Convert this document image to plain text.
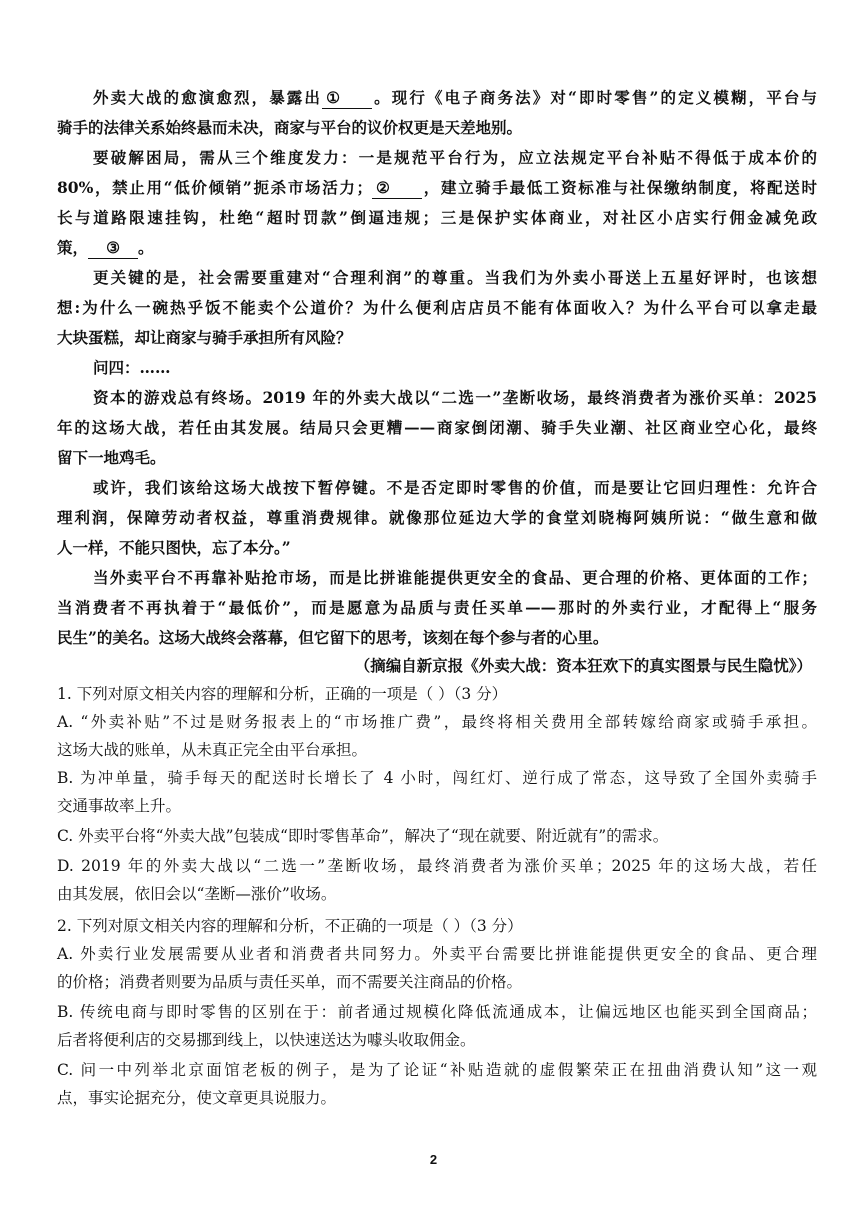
外卖大战的愈演愈烈，暴露出 ① 。现行《电子商务法》对“即时零售”的定义模糊，平台与
骑手的法律关系始终悬而未决，商家与平台的议价权更是天差地别。
要破解困局，需从三个维度发力：一是规范平台行为，应立法规定平台补贴不得低于成本价的
80%，禁止用“低价倾销”扼杀市场活力； ② ，建立骑手最低工资标准与社保缴纳制度，将配送时
长与道路限速挂钩，杜绝“超时罚款”倒逼违规；三是保护实体商业，对社区小店实行佣金减免政
策， ③ 。
更关键的是，社会需要重建对“合理利润”的尊重。当我们为外卖小哥送上五星好评时，也该想
想:为什么一碗热乎饭不能卖个公道价？为什么便利店店员不能有体面收入？为什么平台可以拿走最
大块蛋糕，却让商家与骑手承担所有风险？
问四：……
资本的游戏总有终场。2019 年的外卖大战以“二选一”垄断收场，最终消费者为涨价买单：2025
年的这场大战，若任由其发展。结局只会更糟——商家倒闭潮、骑手失业潮、社区商业空心化，最终
留下一地鸡毛。
或许，我们该给这场大战按下暂停键。不是否定即时零售的价值，而是要让它回归理性：允许合
理利润，保障劳动者权益，尊重消费规律。就像那位延边大学的食堂刘晓梅阿姨所说：“做生意和做
人一样，不能只图快，忘了本分。”
当外卖平台不再靠补贴抢市场，而是比拼谁能提供更安全的食品、更合理的价格、更体面的工作；
当消费者不再执着于“最低价”，而是愿意为品质与责任买单——那时的外卖行业，才配得上“服务
民生”的美名。这场大战终会落幕，但它留下的思考，该刻在每个参与者的心里。
（摘编自新京报《外卖大战：资本狂欢下的真实图景与民生隐忧》）
1. 下列对原文相关内容的理解和分析，正确的一项是（ ）（3 分）
A. “外卖补贴”不过是财务报表上的“市场推广费”，最终将相关费用全部转嫁给商家或骑手承担。
这场大战的账单，从未真正完全由平台承担。
B. 为冲单量，骑手每天的配送时长增长了 4 小时，闯红灯、逆行成了常态，这导致了全国外卖骑手
交通事故率上升。
C. 外卖平台将“外卖大战”包装成“即时零售革命”，解决了“现在就要、附近就有”的需求。
D. 2019 年的外卖大战以“二选一”垄断收场，最终消费者为涨价买单；2025 年的这场大战，若任
由其发展，依旧会以“垄断—涨价”收场。
2. 下列对原文相关内容的理解和分析，不正确的一项是（ ）（3 分）
A. 外卖行业发展需要从业者和消费者共同努力。外卖平台需要比拼谁能提供更安全的食品、更合理
的价格；消费者则要为品质与责任买单，而不需要关注商品的价格。
B. 传统电商与即时零售的区别在于：前者通过规模化降低流通成本，让偏远地区也能买到全国商品；
后者将便利店的交易挪到线上，以快速送达为噱头收取佣金。
C. 问一中列举北京面馆老板的例子，是为了论证“补贴造就的虚假繁荣正在扭曲消费认知”这一观
点，事实论据充分，使文章更具说服力。
2
